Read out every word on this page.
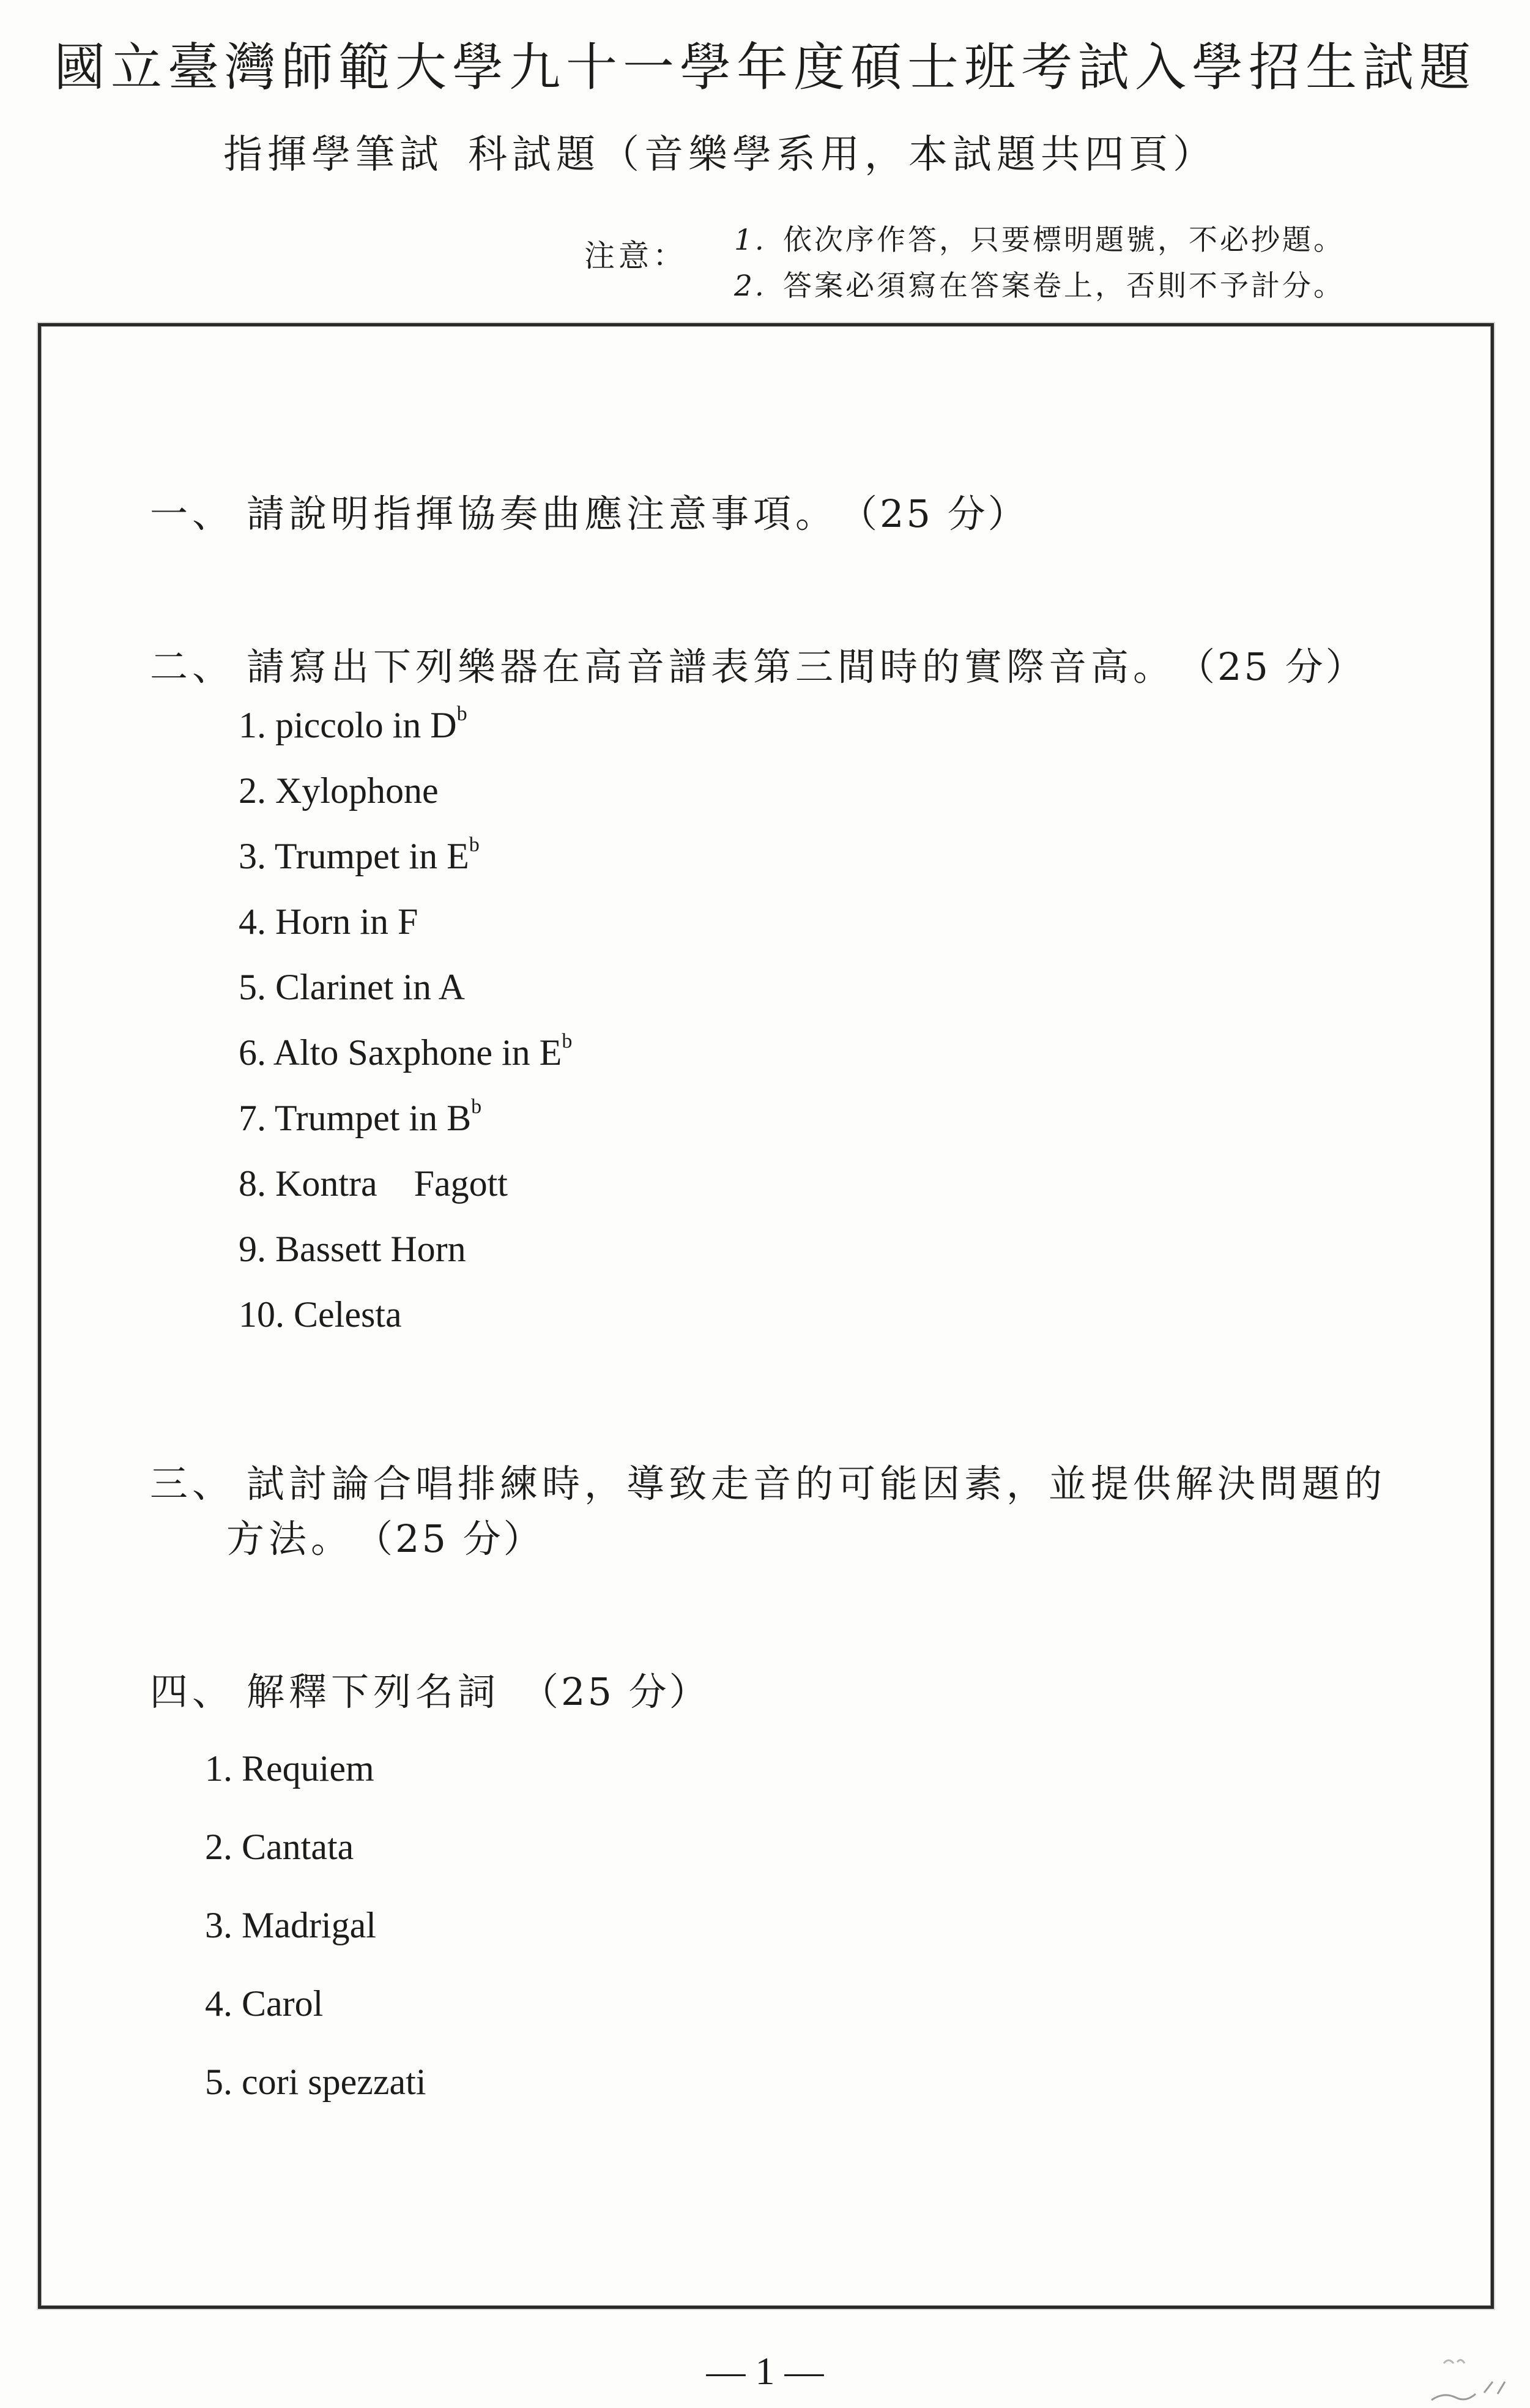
國立臺灣師範大學九十一學年度碩士班考試入學招生試題
指揮學筆試 科試題（音樂學系用，本試題共四頁）
注意： 1. 依次序作答，只要標明題號，不必抄題。
2. 答案必須寫在答案卷上，否則不予計分。
一、 請說明指揮協奏曲應注意事項。 （25 分）
二、 請寫出下列樂器在高音譜表第三間時的實際音高。 （25 分）
1. piccolo in $D^b$
2. Xylophone
3. Trumpet in $E^b$
4. Horn in F
5. Clarinet in A
6. Alto Saxphone in $E^b$
7. Trumpet in $B^b$
8. Kontra    Fagott
9. Bassett Horn
10. Celesta
三、 試討論合唱排練時，導致走音的可能因素，並提供解決問題的
方法。 （25 分）
四、 解釋下列名詞 （25 分）
1. Requiem
2. Cantata
3. Madrigal
4. Carol
5. cori spezzati
— 1 —
